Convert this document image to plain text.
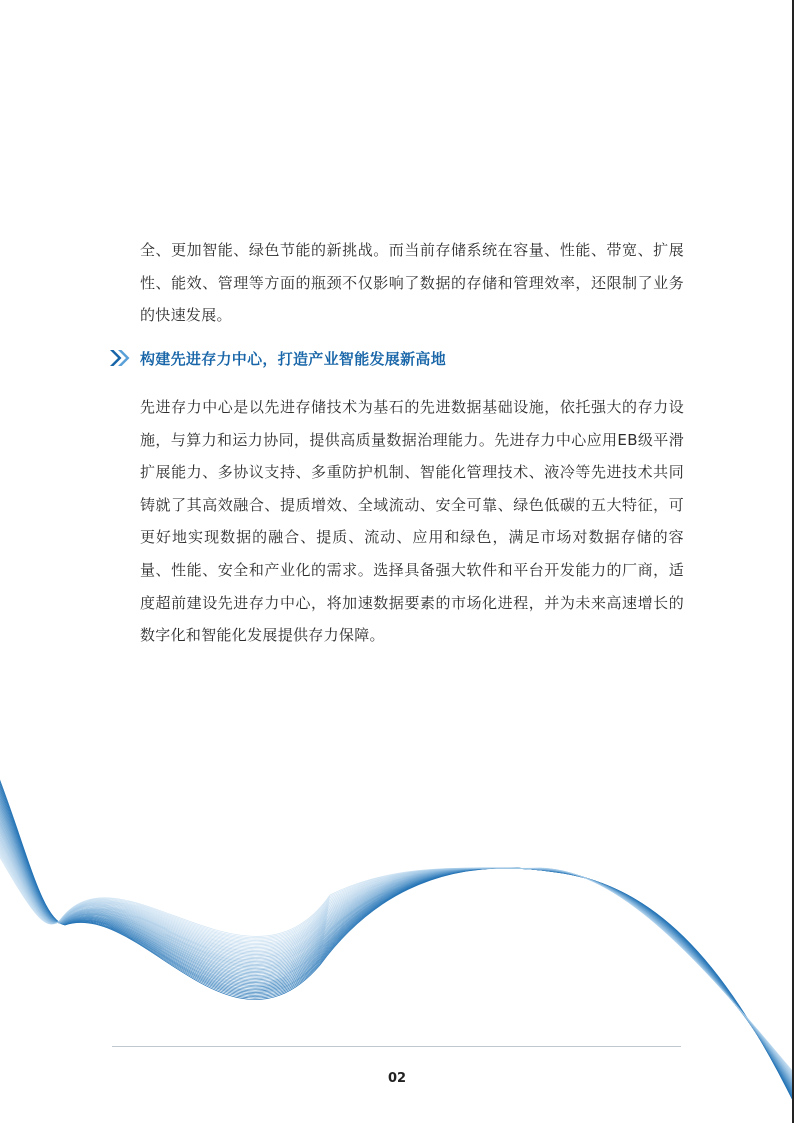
全、更加智能、绿色节能的新挑战。而当前存储系统在容量、性能、带宽、扩展性、能效、管理等方面的瓶颈不仅影响了数据的存储和管理效率，还限制了业务的快速发展。

构建先进存力中心，打造产业智能发展新高地

先进存力中心是以先进存储技术为基石的先进数据基础设施，依托强大的存力设施，与算力和运力协同，提供高质量数据治理能力。先进存力中心应用EB级平滑扩展能力、多协议支持、多重防护机制、智能化管理技术、液冷等先进技术共同铸就了其高效融合、提质增效、全域流动、安全可靠、绿色低碳的五大特征，可更好地实现数据的融合、提质、流动、应用和绿色，满足市场对数据存储的容量、性能、安全和产业化的需求。选择具备强大软件和平台开发能力的厂商，适度超前建设先进存力中心，将加速数据要素的市场化进程，并为未来高速增长的数字化和智能化发展提供存力保障。

02
